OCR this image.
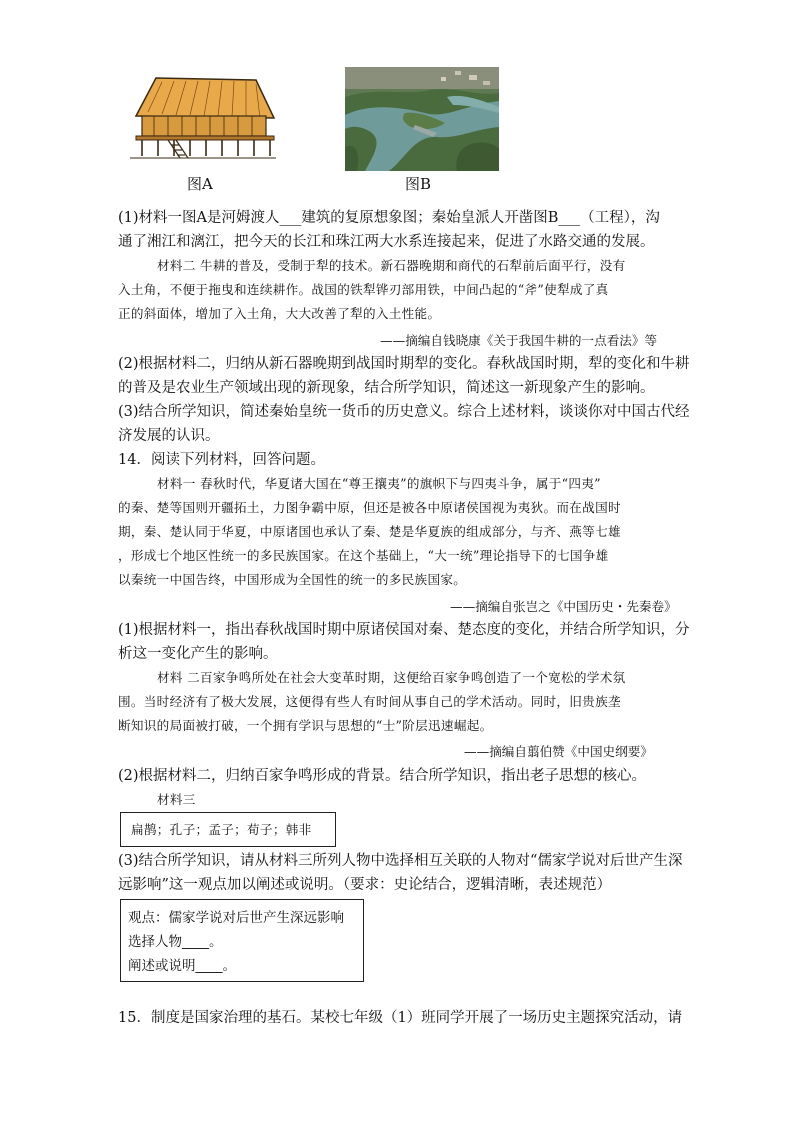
图A	图B
(1)材料一图A是河姆渡人___建筑的复原想象图；秦始皇派人开凿图B___（工程），沟
通了湘江和漓江，把今天的长江和珠江两大水系连接起来，促进了水路交通的发展。
材料二 牛耕的普及，受制于犁的技术。新石器晚期和商代的石犁前后面平行，没有
入土角，不便于拖曳和连续耕作。战国的铁犁铧刃部用铁，中间凸起的“斧”使犁成了真
正的斜面体，增加了入土角，大大改善了犁的入土性能。
——摘编自钱晓康《关于我国牛耕的一点看法》等
(2)根据材料二，归纳从新石器晚期到战国时期犁的变化。春秋战国时期，犁的变化和牛耕
的普及是农业生产领域出现的新现象，结合所学知识，简述这一新现象产生的影响。
(3)结合所学知识，简述秦始皇统一货币的历史意义。综合上述材料，谈谈你对中国古代经
济发展的认识。
14．阅读下列材料，回答问题。
材料一 春秋时代，华夏诸大国在“尊王攘夷”的旗帜下与四夷斗争，属于“四夷”
的秦、楚等国则开疆拓土，力图争霸中原，但还是被各中原诸侯国视为夷狄。而在战国时
期，秦、楚认同于华夏，中原诸国也承认了秦、楚是华夏族的组成部分，与齐、燕等七雄
，形成七个地区性统一的多民族国家。在这个基础上，“大一统”理论指导下的七国争雄
以秦统一中国告终，中国形成为全国性的统一的多民族国家。
——摘编自张岂之《中国历史・先秦卷》
(1)根据材料一，指出春秋战国时期中原诸侯国对秦、楚态度的变化，并结合所学知识，分
析这一变化产生的影响。
材料 二百家争鸣所处在社会大变革时期，这便给百家争鸣创造了一个宽松的学术氛
围。当时经济有了极大发展，这便得有些人有时间从事自己的学术活动。同时，旧贵族垄
断知识的局面被打破，一个拥有学识与思想的“士”阶层迅速崛起。
——摘编自翦伯赞《中国史纲要》
(2)根据材料二，归纳百家争鸣形成的背景。结合所学知识，指出老子思想的核心。
材料三
扁鹊；孔子；孟子；荀子；韩非
(3)结合所学知识，请从材料三所列人物中选择相互关联的人物对“儒家学说对后世产生深
远影响”这一观点加以阐述或说明。（要求：史论结合，逻辑清晰，表述规范）
观点：儒家学说对后世产生深远影响
选择人物____。
阐述或说明____。
15．制度是国家治理的基石。某校七年级（1）班同学开展了一场历史主题探究活动，请
